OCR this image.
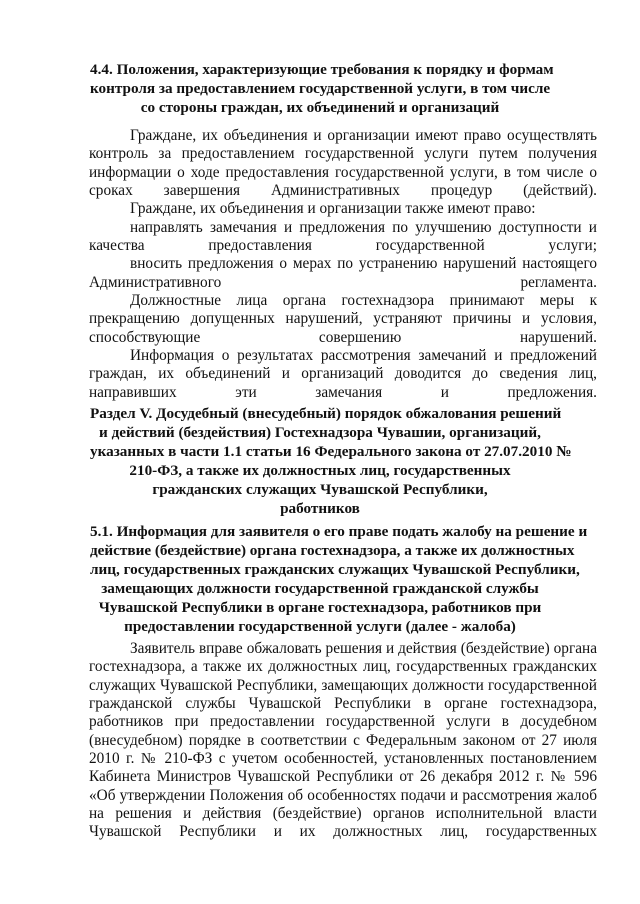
4.4. Положения, характеризующие требования к порядку и формам
контроля за предоставлением государственной услуги, в том числе
со стороны граждан, их объединений и организаций

Граждане, их объединения и организации имеют право осуществлять контроль за предоставлением государственной услуги путем получения информации о ходе предоставления государственной услуги, в том числе о сроках завершения Административных процедур (действий).

Граждане, их объединения и организации также имеют право:

направлять замечания и предложения по улучшению доступности и качества предоставления государственной услуги;

вносить предложения о мерах по устранению нарушений настоящего Административного регламента.

Должностные лица органа гостехнадзора принимают меры к прекращению допущенных нарушений, устраняют причины и условия, способствующие совершению нарушений.

Информация о результатах рассмотрения замечаний и предложений граждан, их объединений и организаций доводится до сведения лиц, направивших эти замечания и предложения.

Раздел V. Досудебный (внесудебный) порядок обжалования решений
и действий (бездействия) Гостехнадзора Чувашии, организаций,
указанных в части 1.1 статьи 16 Федерального закона от 27.07.2010 №
210-ФЗ, а также их должностных лиц, государственных
гражданских служащих Чувашской Республики,
работников
5.1. Информация для заявителя о его праве подать жалобу на решение и
действие (бездействие) органа гостехнадзора, а также их должностных
лиц, государственных гражданских служащих Чувашской Республики,
замещающих должности государственной гражданской службы
Чувашской Республики в органе гостехнадзора, работников при
предоставлении государственной услуги (далее - жалоба)

Заявитель вправе обжаловать решения и действия (бездействие) органа гостехнадзора, а также их должностных лиц, государственных гражданских служащих Чувашской Республики, замещающих должности государственной гражданской службы Чувашской Республики в органе гостехнадзора, работников при предоставлении государственной услуги в досудебном (внесудебном) порядке в соответствии с Федеральным законом от 27 июля 2010 г. № 210-ФЗ с учетом особенностей, установленных постановлением Кабинета Министров Чувашской Республики от 26 декабря 2012 г. № 596 «Об утверждении Положения об особенностях подачи и рассмотрения жалоб на решения и действия (бездействие) органов исполнительной власти Чувашской Республики и их должностных лиц, государственных
